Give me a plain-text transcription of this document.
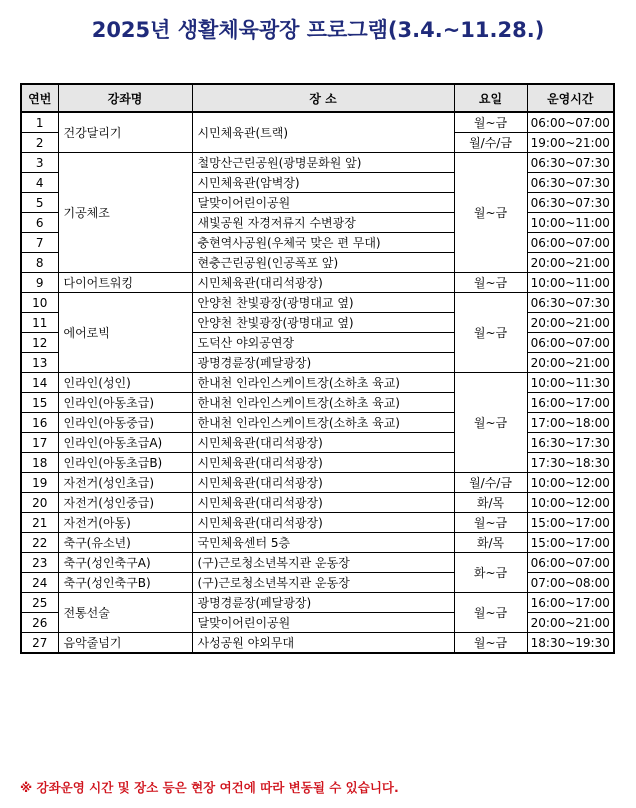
2025년 생활체육광장 프로그램(3.4.~11.28.)
연번	강좌명	장 소	요일	운영시간
1	건강달리기	시민체육관(트랙)	월~금	06:00~07:00
2			월/수/금	19:00~21:00
3	기공체조	철망산근린공원(광명문화원 앞)	월~금	06:30~07:30
4		시민체육관(암벽장)		06:30~07:30
5		달맞이어린이공원		06:30~07:30
6		새빛공원 자경저류지 수변광장		10:00~11:00
7		충현역사공원(우체국 맞은 편 무대)		06:00~07:00
8		현충근린공원(인공폭포 앞)		20:00~21:00
9	다이어트워킹	시민체육관(대리석광장)	월~금	10:00~11:00
10	에어로빅	안양천 찬빛광장(광명대교 옆)	월~금	06:30~07:30
11		안양천 찬빛광장(광명대교 옆)		20:00~21:00
12		도덕산 야외공연장		06:00~07:00
13		광명경륜장(페달광장)		20:00~21:00
14	인라인(성인)	한내천 인라인스케이트장(소하초 육교)	월~금	10:00~11:30
15	인라인(아동초급)	한내천 인라인스케이트장(소하초 육교)		16:00~17:00
16	인라인(아동중급)	한내천 인라인스케이트장(소하초 육교)		17:00~18:00
17	인라인(아동초급A)	시민체육관(대리석광장)		16:30~17:30
18	인라인(아동초급B)	시민체육관(대리석광장)		17:30~18:30
19	자전거(성인초급)	시민체육관(대리석광장)	월/수/금	10:00~12:00
20	자전거(성인중급)	시민체육관(대리석광장)	화/목	10:00~12:00
21	자전거(아동)	시민체육관(대리석광장)	월~금	15:00~17:00
22	축구(유소년)	국민체육센터 5층	화/목	15:00~17:00
23	축구(성인축구A)	(구)근로청소년복지관 운동장	화~금	06:00~07:00
24	축구(성인축구B)	(구)근로청소년복지관 운동장		07:00~08:00
25	전통선술	광명경륜장(페달광장)	월~금	16:00~17:00
26		달맞이어린이공원		20:00~21:00
27	음악줄넘기	사성공원 야외무대	월~금	18:30~19:30
※ 강좌운영 시간 및 장소 등은 현장 여건에 따라 변동될 수 있습니다.
